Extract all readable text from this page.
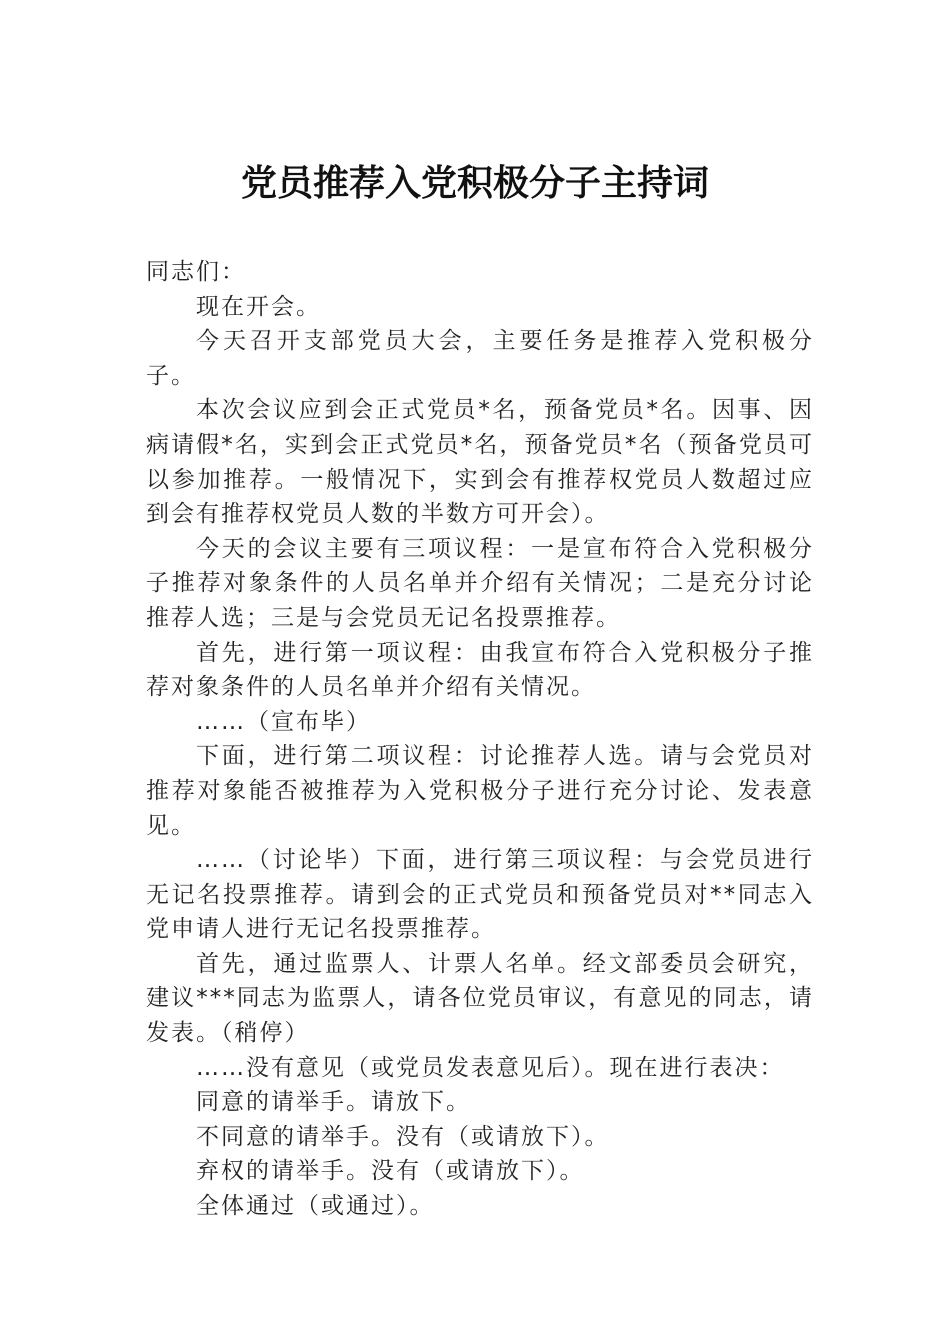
党员推荐入党积极分子主持词

同志们：

现在开会。

今天召开支部党员大会，主要任务是推荐入党积极分子。

本次会议应到会正式党员*名，预备党员*名。因事、因病请假*名，实到会正式党员*名，预备党员*名（预备党员可以参加推荐。一般情况下，实到会有推荐权党员人数超过应到会有推荐权党员人数的半数方可开会）。

今天的会议主要有三项议程：一是宣布符合入党积极分子推荐对象条件的人员名单并介绍有关情况；二是充分讨论推荐人选；三是与会党员无记名投票推荐。

首先，进行第一项议程：由我宣布符合入党积极分子推荐对象条件的人员名单并介绍有关情况。

……（宣布毕）

下面，进行第二项议程：讨论推荐人选。请与会党员对推荐对象能否被推荐为入党积极分子进行充分讨论、发表意见。

……（讨论毕）下面，进行第三项议程：与会党员进行无记名投票推荐。请到会的正式党员和预备党员对**同志入党申请人进行无记名投票推荐。

首先，通过监票人、计票人名单。经文部委员会研究，建议***同志为监票人，请各位党员审议，有意见的同志，请发表。（稍停）

……没有意见（或党员发表意见后）。现在进行表决：

同意的请举手。请放下。

不同意的请举手。没有（或请放下）。

弃权的请举手。没有（或请放下）。

全体通过（或通过）。
